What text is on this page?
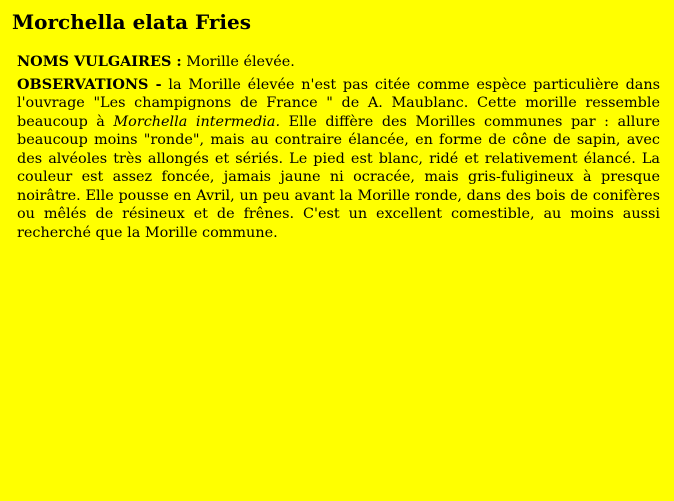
Morchella elata Fries

NOMS VULGAIRES : Morille élevée.

OBSERVATIONS - la Morille élevée n'est pas citée comme espèce particulière dans l'ouvrage "Les champignons de France " de A. Maublanc. Cette morille ressemble beaucoup à Morchella intermedia. Elle diffère des Morilles communes par : allure beaucoup moins "ronde", mais au contraire élancée, en forme de cône de sapin, avec des alvéoles très allongés et sériés. Le pied est blanc, ridé et relativement élancé. La couleur est assez foncée, jamais jaune ni ocracée, mais gris-fuligineux à presque noirâtre. Elle pousse en Avril, un peu avant la Morille ronde, dans des bois de conifères ou mêlés de résineux et de frênes. C'est un excellent comestible, au moins aussi recherché que la Morille commune.
